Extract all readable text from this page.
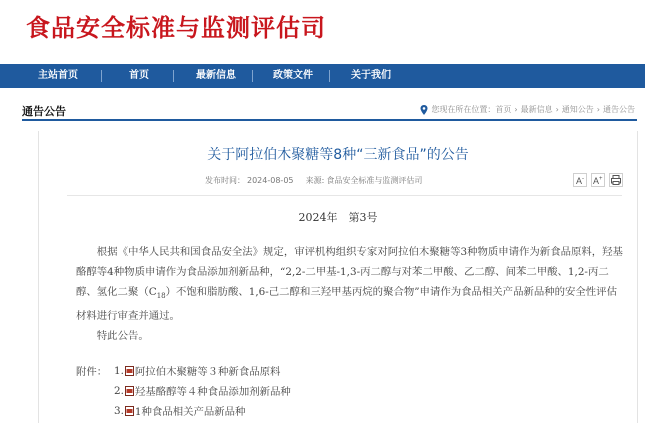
食品安全标准与监测评估司
主站首页	首页	最新信息	政策文件	关于我们
通告公告	您现在所在位置： 首页 › 最新信息 › 通知公告 › 通告公告
关于阿拉伯木聚糖等8种“三新食品”的公告
发布时间： 2024-08-05 来源: 食品安全标准与监测评估司	A - A +
2024年　第3号

根据《中华人民共和国食品安全法》规定，审评机构组织专家对阿拉伯木聚糖等3种物质申请作为新食品原料，羟基酪醇等4种物质申请作为食品添加剂新品种，“2,2-二甲基-1,3-丙二醇与对苯二甲酸、乙二醇、间苯二甲酸、1,2-丙二醇、氢化二聚$(C_{18})$不饱和脂肪酸、1,6-己二醇和三羟甲基丙烷的聚合物”申请作为食品相关产品新品种的安全性评估材料进行审查并通过。

特此公告。

附件： 1. 阿拉伯木聚糖等３种新食品原料
2. 羟基酪醇等４种食品添加剂新品种
3. 1种食品相关产品新品种
